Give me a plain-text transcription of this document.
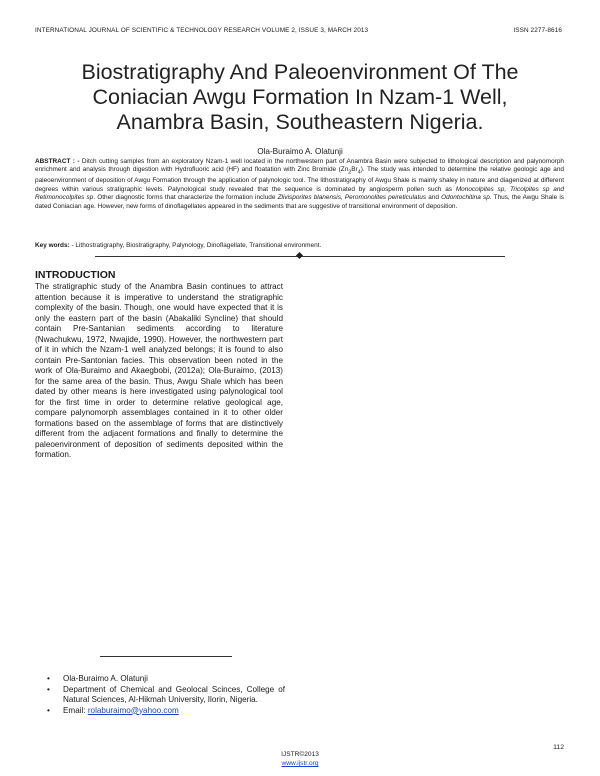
INTERNATIONAL JOURNAL OF SCIENTIFIC & TECHNOLOGY RESEARCH VOLUME 2, ISSUE 3, MARCH 2013	ISSN 2277-8616
Biostratigraphy And Paleoenvironment Of The
Coniacian Awgu Formation In Nzam-1 Well,
Anambra Basin, Southeastern Nigeria.
Ola-Buraimo A. Olatunji
ABSTRACT : - Ditch cutting samples from an exploratory Nzam-1 well located in the northwestern part of Anambra Basin were subjected to lithological description and palynomorph enrichment and analysis through digestion with Hydrofluoric acid (HF) and floatation with Zinc Bromide $(Zn_2Br_4)$. The study was intended to determine the relative geologic age and paleoenvironment of deposition of Awgu Formation through the application of palynologic tool. The lithostratigraphy of Awgu Shale is mainly shaley in nature and diagenized at different degrees within various stratigraphic levels. Palynological study revealed that the sequence is dominated by angiosperm pollen such as Monocolpites sp, Tricolpites sp and Retimonocolpites sp. Other diagnostic forms that characterize the formation include Zlivisporites blanensis, Peromonolites peireticulatus and Odontochitina sp. Thus, the Awgu Shale is dated Coniacian age. However, new forms of dinoflagellates appeared in the sediments that are suggestive of transitional environment of deposition.
Key words: - Lithostratigraphy, Biostratigraphy, Palynology, Dinoflagellate, Transitional environment.
INTRODUCTION
The stratigraphic study of the Anambra Basin continues to attract attention because it is imperative to understand the stratigraphic complexity of the basin. Though, one would have expected that it is only the eastern part of the basin (Abakaliki Syncline) that should contain Pre-Santanian sediments according to literature (Nwachukwu, 1972, Nwajide, 1990). However, the northwestern part of it in which the Nzam-1 well analyzed belongs; it is found to also contain Pre-Santonian facies. This observation been noted in the work of Ola-Buraimo and Akaegbobi, (2012a); Ola-Buraimo, (2013) for the same area of the basin. Thus, Awgu Shale which has been dated by other means is here investigated using palynological tool for the first time in order to determine relative geological age, compare palynomorph assemblages contained in it to other older formations based on the assemblage of forms that are distinctively different from the adjacent formations and finally to determine the paleoenvironment of deposition of sediments deposited within the formation.
• Ola-Buraimo A. Olatunji
• Department of Chemical and Geolocal Scinces, College of Natural Sciences, Al-Hikmah University, Ilorin, Nigeria.
• Email: rolaburaimo@yahoo.com
112
IJSTR©2013
www.ijstr.org
